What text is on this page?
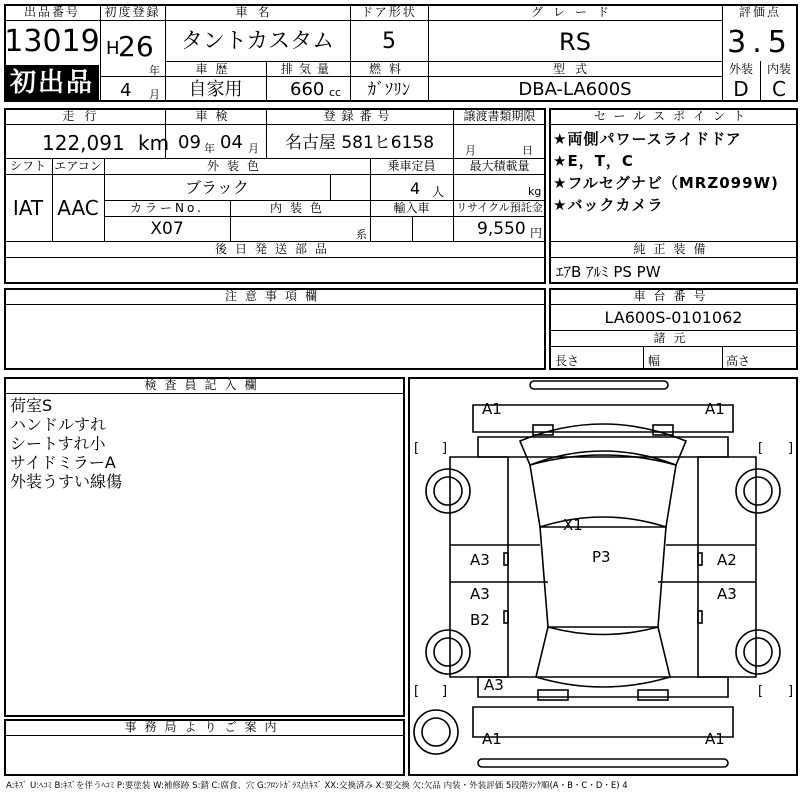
出品番号
13019
初出品
初度登録
H
26
年
4 月
車名
タントカスタム
ドア形状
5
グレード
RS
車歴
自家用
排気量
660 cc
燃料
ｶﾞｿﾘﾝ
型式
DBA-LA600S
評価点
3.5
外装	内装
D	C
走行
122,091 km
車検
09 年 04 月
登録番号
名古屋 581ヒ6158
譲渡書類期限
月	日
シフト
IAT
エアコン
AAC
外装色
ブラック
乗車定員
4 人
最大積載量
kg
カラーNo.
X07
内装色
系
輸入車	リサイクル預託金
9,550 円
後日発送部品
セールスポイント
★両側パワースライドドア
★E，T，C
★フルセグナビ（MRZ099W)
★バックカメラ
純正装備
ｴｱB ｱﾙﾐ PS PW
注意事項欄	車台番号
LA600S-0101062
諸元
長さ	幅	高さ
検査員記入欄
荷室S
ハンドルすれ
シートすれ小
サイドミラーA
外装うすい線傷
事務局よりご案内
[ ]	[ ]
[ ]	[ ]
A1	A1
X1
P3
A3	A2
A3	A3
B2
A3
A1	A1
A:ｷｽﾞ U:ﾍｺﾐ B:ｷｽﾞを伴うﾍｺﾐ P:要塗装 W:補修跡 S:錆 C:腐食、穴 G:ﾌﾛﾝﾄｶﾞﾗｽ点ｷｽﾞ XX:交換済み X:要交換 欠:欠品 内装・外装評価 5段階ﾗﾝｸ順(A・B・C・D・E) 4
